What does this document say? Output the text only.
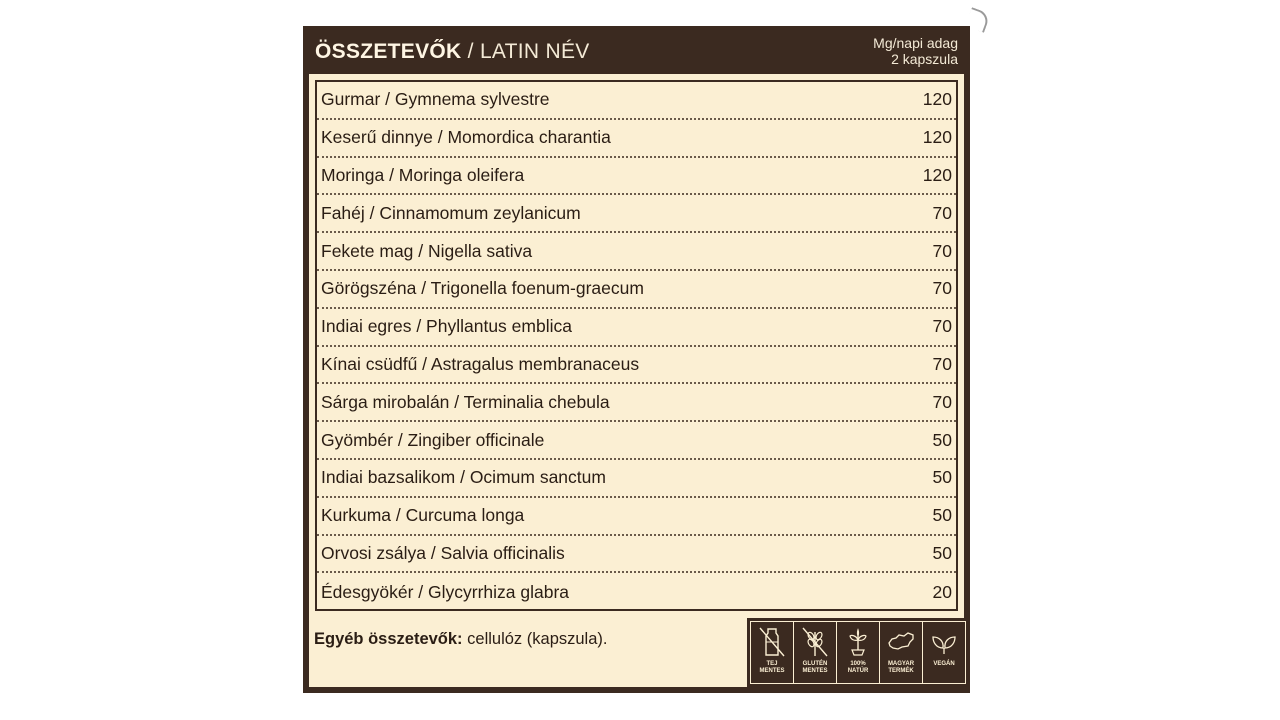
ÖSSZETEVŐK / LATIN NÉV	Mg/napi adag
2 kapszula
Gurmar / Gymnema sylvestre	120
Keserű dinnye / Momordica charantia	120
Moringa / Moringa oleifera	120
Fahéj / Cinnamomum zeylanicum	70
Fekete mag / Nigella sativa	70
Görögszéna / Trigonella foenum-graecum	70
Indiai egres / Phyllantus emblica	70
Kínai csüdfű / Astragalus membranaceus	70
Sárga mirobalán / Terminalia chebula	70
Gyömbér / Zingiber officinale	50
Indiai bazsalikom / Ocimum sanctum	50
Kurkuma / Curcuma longa	50
Orvosi zsálya / Salvia officinalis	50
Édesgyökér / Glycyrrhiza glabra	20
Egyéb összetevők: cellulóz (kapszula).
TEJ
MENTES
GLUTÉN
MENTES
100%
NATÚR
MAGYAR
TERMÉK
VEGÁN
